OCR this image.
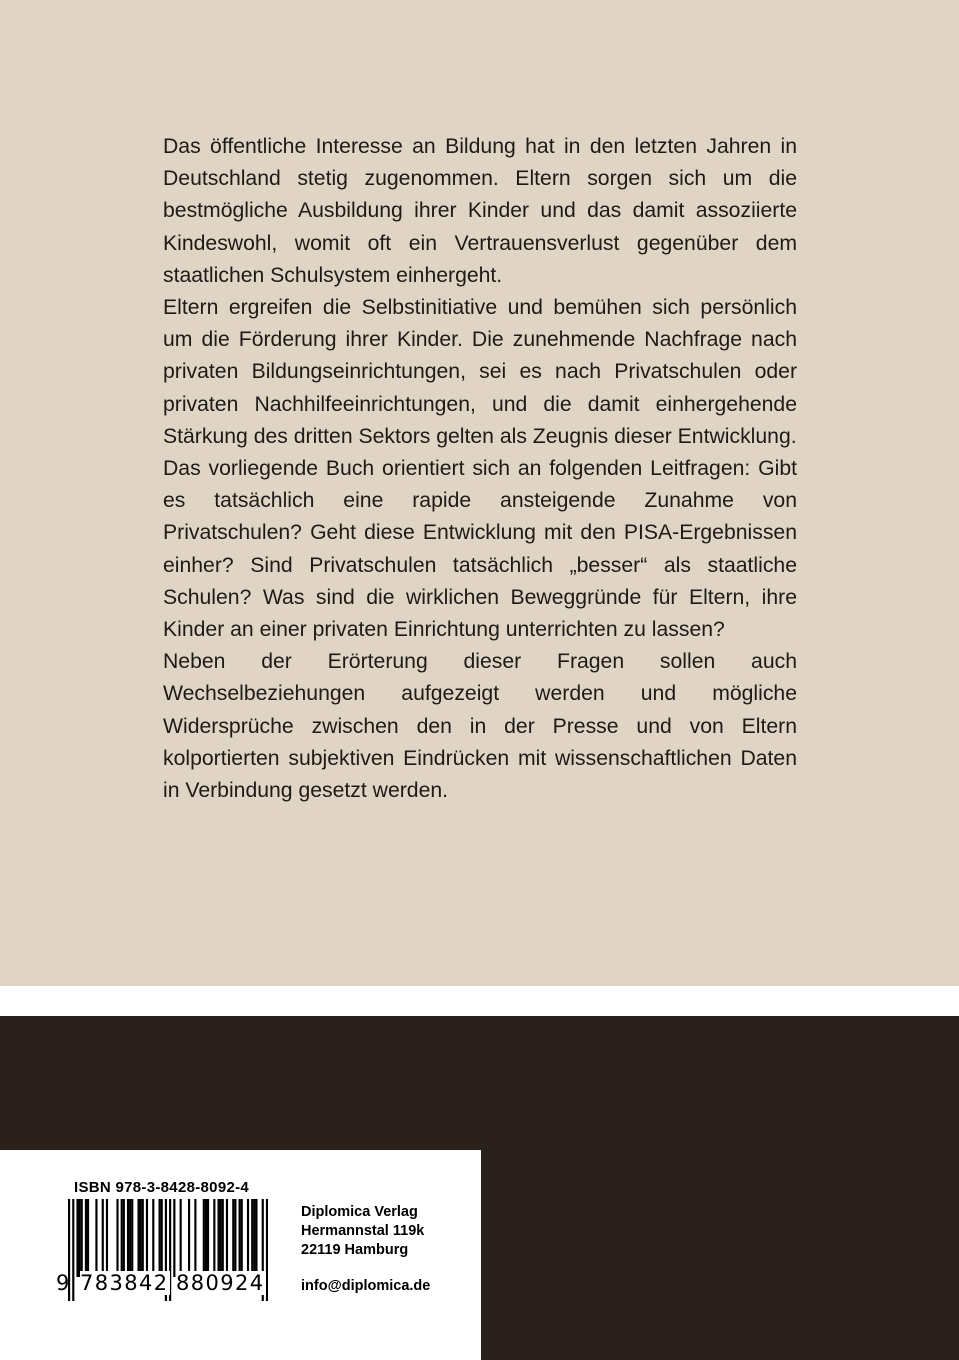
Das öffentliche Interesse an Bildung hat in den letzten Jahren in Deutschland stetig zugenommen. Eltern sorgen sich um die bestmögliche Ausbildung ihrer Kinder und das damit assoziierte Kindeswohl, womit oft ein Vertrauensverlust gegenüber dem staatlichen Schulsystem einhergeht.

Eltern ergreifen die Selbstinitiative und bemühen sich persönlich um die Förderung ihrer Kinder. Die zunehmende Nachfrage nach privaten Bildungseinrichtungen, sei es nach Privatschulen oder privaten Nachhilfeeinrichtungen, und die damit einhergehende Stärkung des dritten Sektors gelten als Zeugnis dieser Entwicklung.

Das vorliegende Buch orientiert sich an folgenden Leitfragen: Gibt es tatsächlich eine rapide ansteigende Zunahme von Privatschulen? Geht diese Entwicklung mit den PISA-Ergebnissen einher? Sind Privatschulen tatsächlich „besser“ als staatliche Schulen? Was sind die wirklichen Beweggründe für Eltern, ihre Kinder an einer privaten Einrichtung unterrichten zu lassen?

Neben der Erörterung dieser Fragen sollen auch Wechselbeziehungen aufgezeigt werden und mögliche Widersprüche zwischen den in der Presse und von Eltern kolportierten subjektiven Eindrücken mit wissenschaftlichen Daten in Verbindung gesetzt werden.

ISBN 978-3-8428-8092-4
9 783842 880924
Diplomica Verlag
Hermannstal 119k
22119 Hamburg
info@diplomica.de
